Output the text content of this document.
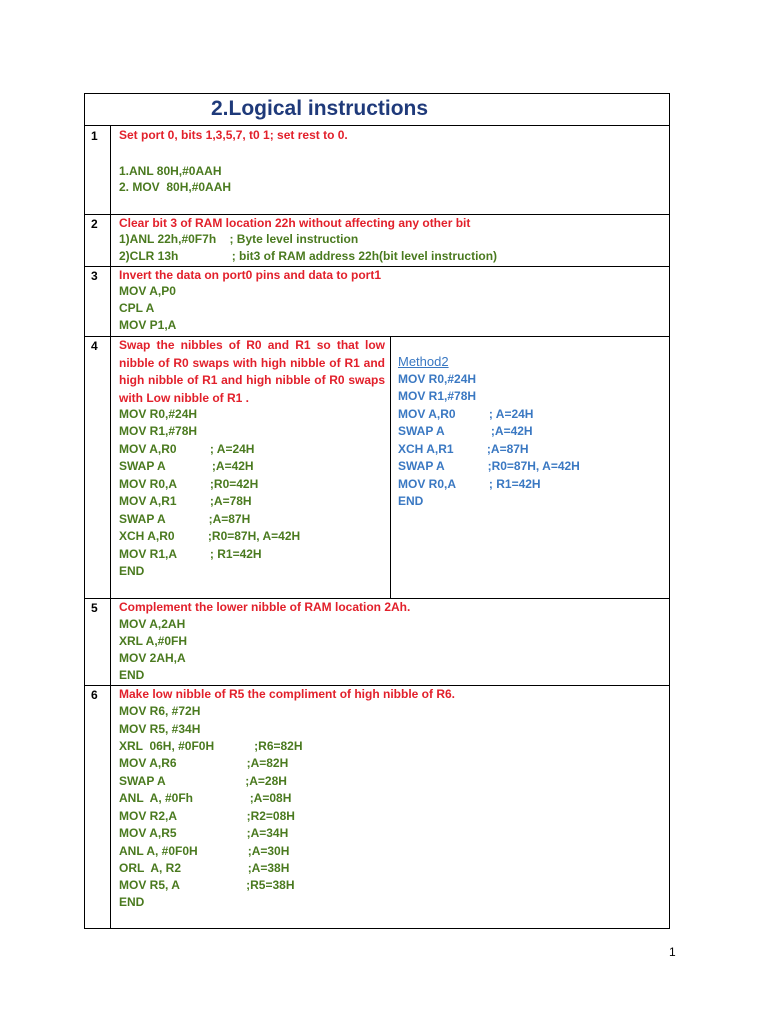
2.Logical instructions
1 Set port 0, bits 1,3,5,7, t0 1; set rest to 0.
1.ANL 80H,#0AAH
2. MOV  80H,#0AAH
2 Clear bit 3 of RAM location 22h without affecting any other bit
1)ANL 22h,#0F7h    ; Byte level instruction
2)CLR 13h                ; bit3 of RAM address 22h(bit level instruction)
3 Invert the data on port0 pins and data to port1
MOV A,P0
CPL A
MOV P1,A
4 Swap the nibbles of R0 and R1 so that low nibble of R0 swaps with high nibble of R1 and high nibble of R1 and high nibble of R0 swaps with Low nibble of R1 .
MOV R0,#24H
MOV R1,#78H
MOV A,R0          ; A=24H
SWAP A              ;A=42H
MOV R0,A          ;R0=42H
MOV A,R1          ;A=78H
SWAP A             ;A=87H
XCH A,R0          ;R0=87H, A=42H
MOV R1,A          ; R1=42H
END
Method2
MOV R0,#24H
MOV R1,#78H
MOV A,R0          ; A=24H
SWAP A              ;A=42H
XCH A,R1          ;A=87H
SWAP A             ;R0=87H, A=42H
MOV R0,A          ; R1=42H
END
5 Complement the lower nibble of RAM location 2Ah.
MOV A,2AH
XRL A,#0FH
MOV 2AH,A
END
6 Make low nibble of R5 the compliment of high nibble of R6.
MOV R6, #72H
MOV R5, #34H
XRL  06H, #0F0H            ;R6=82H
MOV A,R6                     ;A=82H
SWAP A                        ;A=28H
ANL  A, #0Fh                 ;A=08H
MOV R2,A                     ;R2=08H
MOV A,R5                     ;A=34H
ANL A, #0F0H               ;A=30H
ORL  A, R2                    ;A=38H
MOV R5, A                    ;R5=38H
END
1
